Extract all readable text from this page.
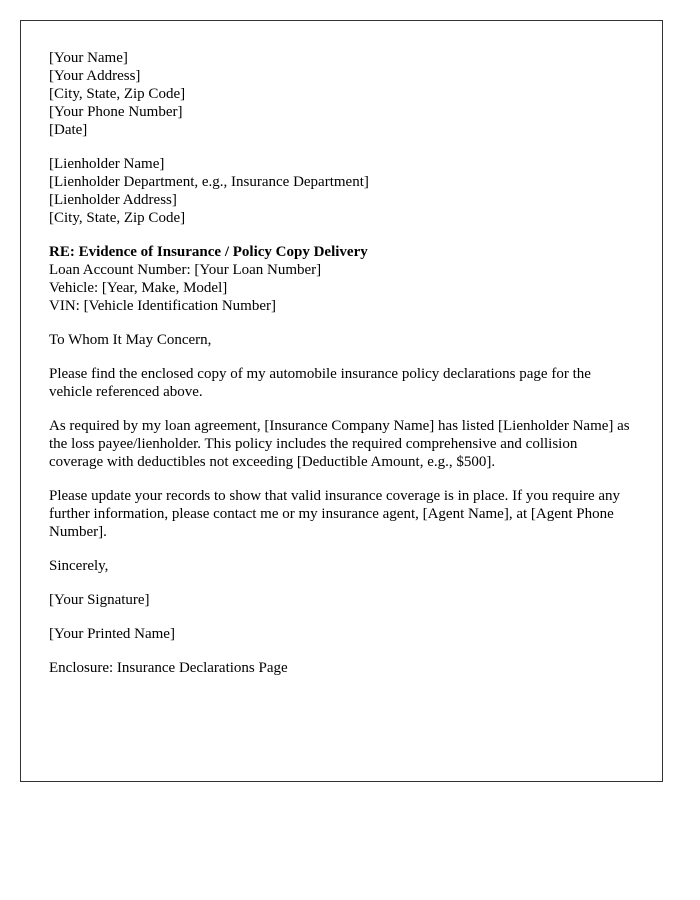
[Your Name]
[Your Address]
[City, State, Zip Code]
[Your Phone Number]
[Date]
[Lienholder Name]
[Lienholder Department, e.g., Insurance Department]
[Lienholder Address]
[City, State, Zip Code]
RE: Evidence of Insurance / Policy Copy Delivery
Loan Account Number: [Your Loan Number]
Vehicle: [Year, Make, Model]
VIN: [Vehicle Identification Number]

To Whom It May Concern,

Please find the enclosed copy of my automobile insurance policy declarations page for the vehicle referenced above.

As required by my loan agreement, [Insurance Company Name] has listed [Lienholder Name] as the loss payee/lienholder. This policy includes the required comprehensive and collision coverage with deductibles not exceeding [Deductible Amount, e.g., $500].

Please update your records to show that valid insurance coverage is in place. If you require any further information, please contact me or my insurance agent, [Agent Name], at [Agent Phone Number].

Sincerely,

[Your Signature]

[Your Printed Name]

Enclosure: Insurance Declarations Page
